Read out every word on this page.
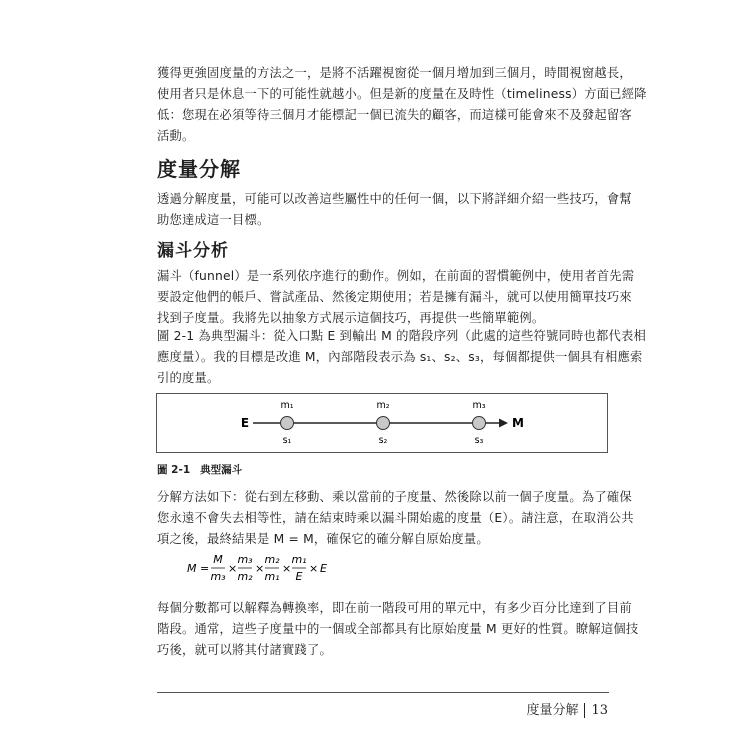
獲得更強固度量的方法之一，是將不活躍視窗從一個月增加到三個月，時間視窗越長，
使用者只是休息一下的可能性就越小。但是新的度量在及時性（timeliness）方面已經降
低：您現在必須等待三個月才能標記一個已流失的顧客，而這樣可能會來不及發起留客
活動。
度量分解
透過分解度量，可能可以改善這些屬性中的任何一個，以下將詳細介紹一些技巧，會幫
助您達成這一目標。
漏斗分析
漏斗（funnel）是一系列依序進行的動作。例如，在前面的習慣範例中，使用者首先需
要設定他們的帳戶、嘗試產品、然後定期使用；若是擁有漏斗，就可以使用簡單技巧來
找到子度量。我將先以抽象方式展示這個技巧，再提供一些簡單範例。
圖 2-1 為典型漏斗：從入口點 E 到輸出 M 的階段序列（此處的這些符號同時也都代表相
應度量）。我的目標是改進 M，內部階段表示為 s₁、s₂、s₃，每個都提供一個具有相應索
引的度量。
E	M
m₁	m₂	m₃
s₁	s₂	s₃
圖 2-1 典型漏斗
分解方法如下：從右到左移動、乘以當前的子度量、然後除以前一個子度量。為了確保
您永遠不會失去相等性，請在結束時乘以漏斗開始處的度量（E）。請注意，在取消公共
項之後，最終結果是 M = M，確保它的確分解自原始度量。
M =
M
m₃
×
m₃
m₂
×
m₂
m₁
×
m₁
E
× E
每個分數都可以解釋為轉換率，即在前一階段可用的單元中，有多少百分比達到了目前
階段。通常，這些子度量中的一個或全部都具有比原始度量 M 更好的性質。瞭解這個技
巧後，就可以將其付諸實踐了。
度量分解 13
